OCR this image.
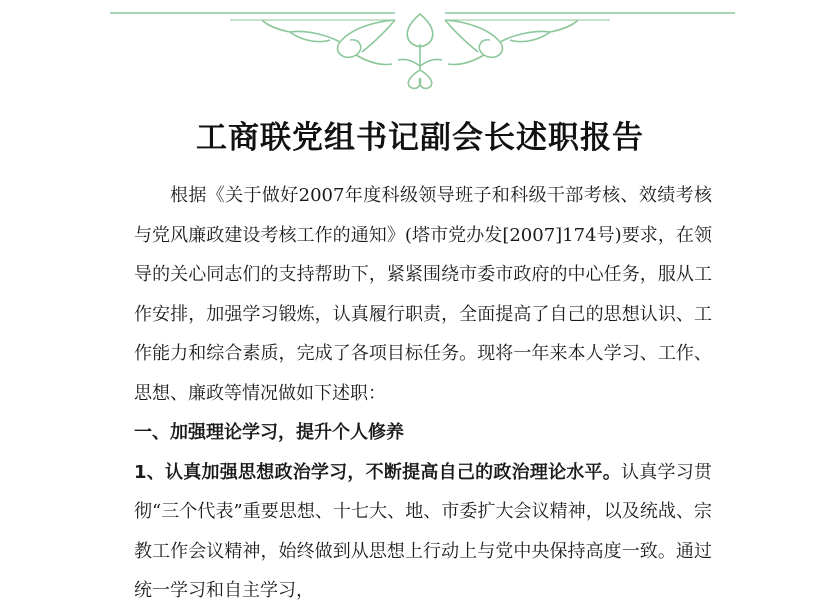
工商联党组书记副会长述职报告

根据《关于做好2007年度科级领导班子和科级干部考核、效绩考核与党风廉政建设考核工作的通知》(塔市党办发[2007]174号)要求，在领导的关心同志们的支持帮助下，紧紧围绕市委市政府的中心任务，服从工作安排，加强学习锻炼，认真履行职责，全面提高了自己的思想认识、工作能力和综合素质，完成了各项目标任务。现将一年来本人学习、工作、思想、廉政等情况做如下述职：

一、加强理论学习，提升个人修养

1、认真加强思想政治学习，不断提高自己的政治理论水平。认真学习贯彻“三个代表”重要思想、十七大、地、市委扩大会议精神，以及统战、宗教工作会议精神，始终做到从思想上行动上与党中央保持高度一致。通过统一学习和自主学习，
